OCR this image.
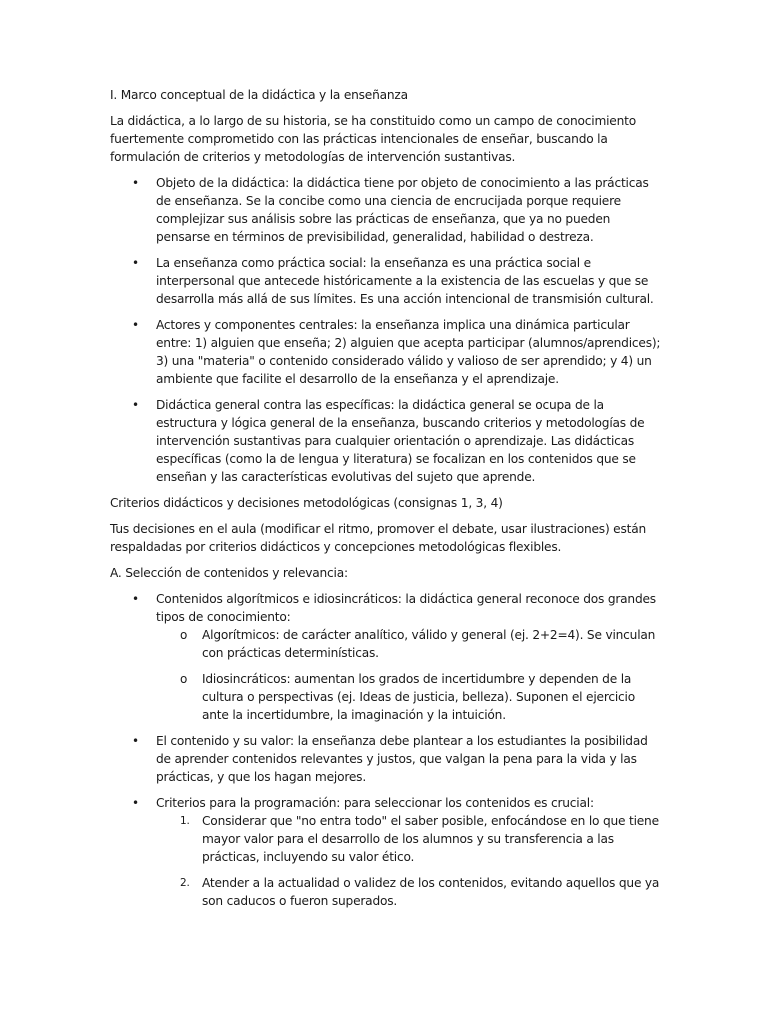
I. Marco conceptual de la didáctica y la enseñanza

La didáctica, a lo largo de su historia, se ha constituido como un campo de conocimiento fuertemente comprometido con las prácticas intencionales de enseñar, buscando la formulación de criterios y metodologías de intervención sustantivas.

• Objeto de la didáctica: la didáctica tiene por objeto de conocimiento a las prácticas de enseñanza. Se la concibe como una ciencia de encrucijada porque requiere complejizar sus análisis sobre las prácticas de enseñanza, que ya no pueden pensarse en términos de previsibilidad, generalidad, habilidad o destreza.
• La enseñanza como práctica social: la enseñanza es una práctica social e interpersonal que antecede históricamente a la existencia de las escuelas y que se desarrolla más allá de sus límites. Es una acción intencional de transmisión cultural.
• Actores y componentes centrales: la enseñanza implica una dinámica particular entre: 1) alguien que enseña; 2) alguien que acepta participar (alumnos/aprendices); 3) una "materia" o contenido considerado válido y valioso de ser aprendido; y 4) un ambiente que facilite el desarrollo de la enseñanza y el aprendizaje.
• Didáctica general contra las específicas: la didáctica general se ocupa de la estructura y lógica general de la enseñanza, buscando criterios y metodologías de intervención sustantivas para cualquier orientación o aprendizaje. Las didácticas específicas (como la de lengua y literatura) se focalizan en los contenidos que se enseñan y las características evolutivas del sujeto que aprende.

Criterios didácticos y decisiones metodológicas (consignas 1, 3, 4)

Tus decisiones en el aula (modificar el ritmo, promover el debate, usar ilustraciones) están respaldadas por criterios didácticos y concepciones metodológicas flexibles.

A. Selección de contenidos y relevancia:

• Contenidos algorítmicos e idiosincráticos: la didáctica general reconoce dos grandes tipos de conocimiento:
o Algorítmicos: de carácter analítico, válido y general (ej. 2+2=4). Se vinculan con prácticas determinísticas.
o Idiosincráticos: aumentan los grados de incertidumbre y dependen de la cultura o perspectivas (ej. Ideas de justicia, belleza). Suponen el ejercicio ante la incertidumbre, la imaginación y la intuición.
• El contenido y su valor: la enseñanza debe plantear a los estudiantes la posibilidad de aprender contenidos relevantes y justos, que valgan la pena para la vida y las prácticas, y que los hagan mejores.
• Criterios para la programación: para seleccionar los contenidos es crucial:
1. Considerar que "no entra todo" el saber posible, enfocándose en lo que tiene mayor valor para el desarrollo de los alumnos y su transferencia a las prácticas, incluyendo su valor ético.
2. Atender a la actualidad o validez de los contenidos, evitando aquellos que ya son caducos o fueron superados.
